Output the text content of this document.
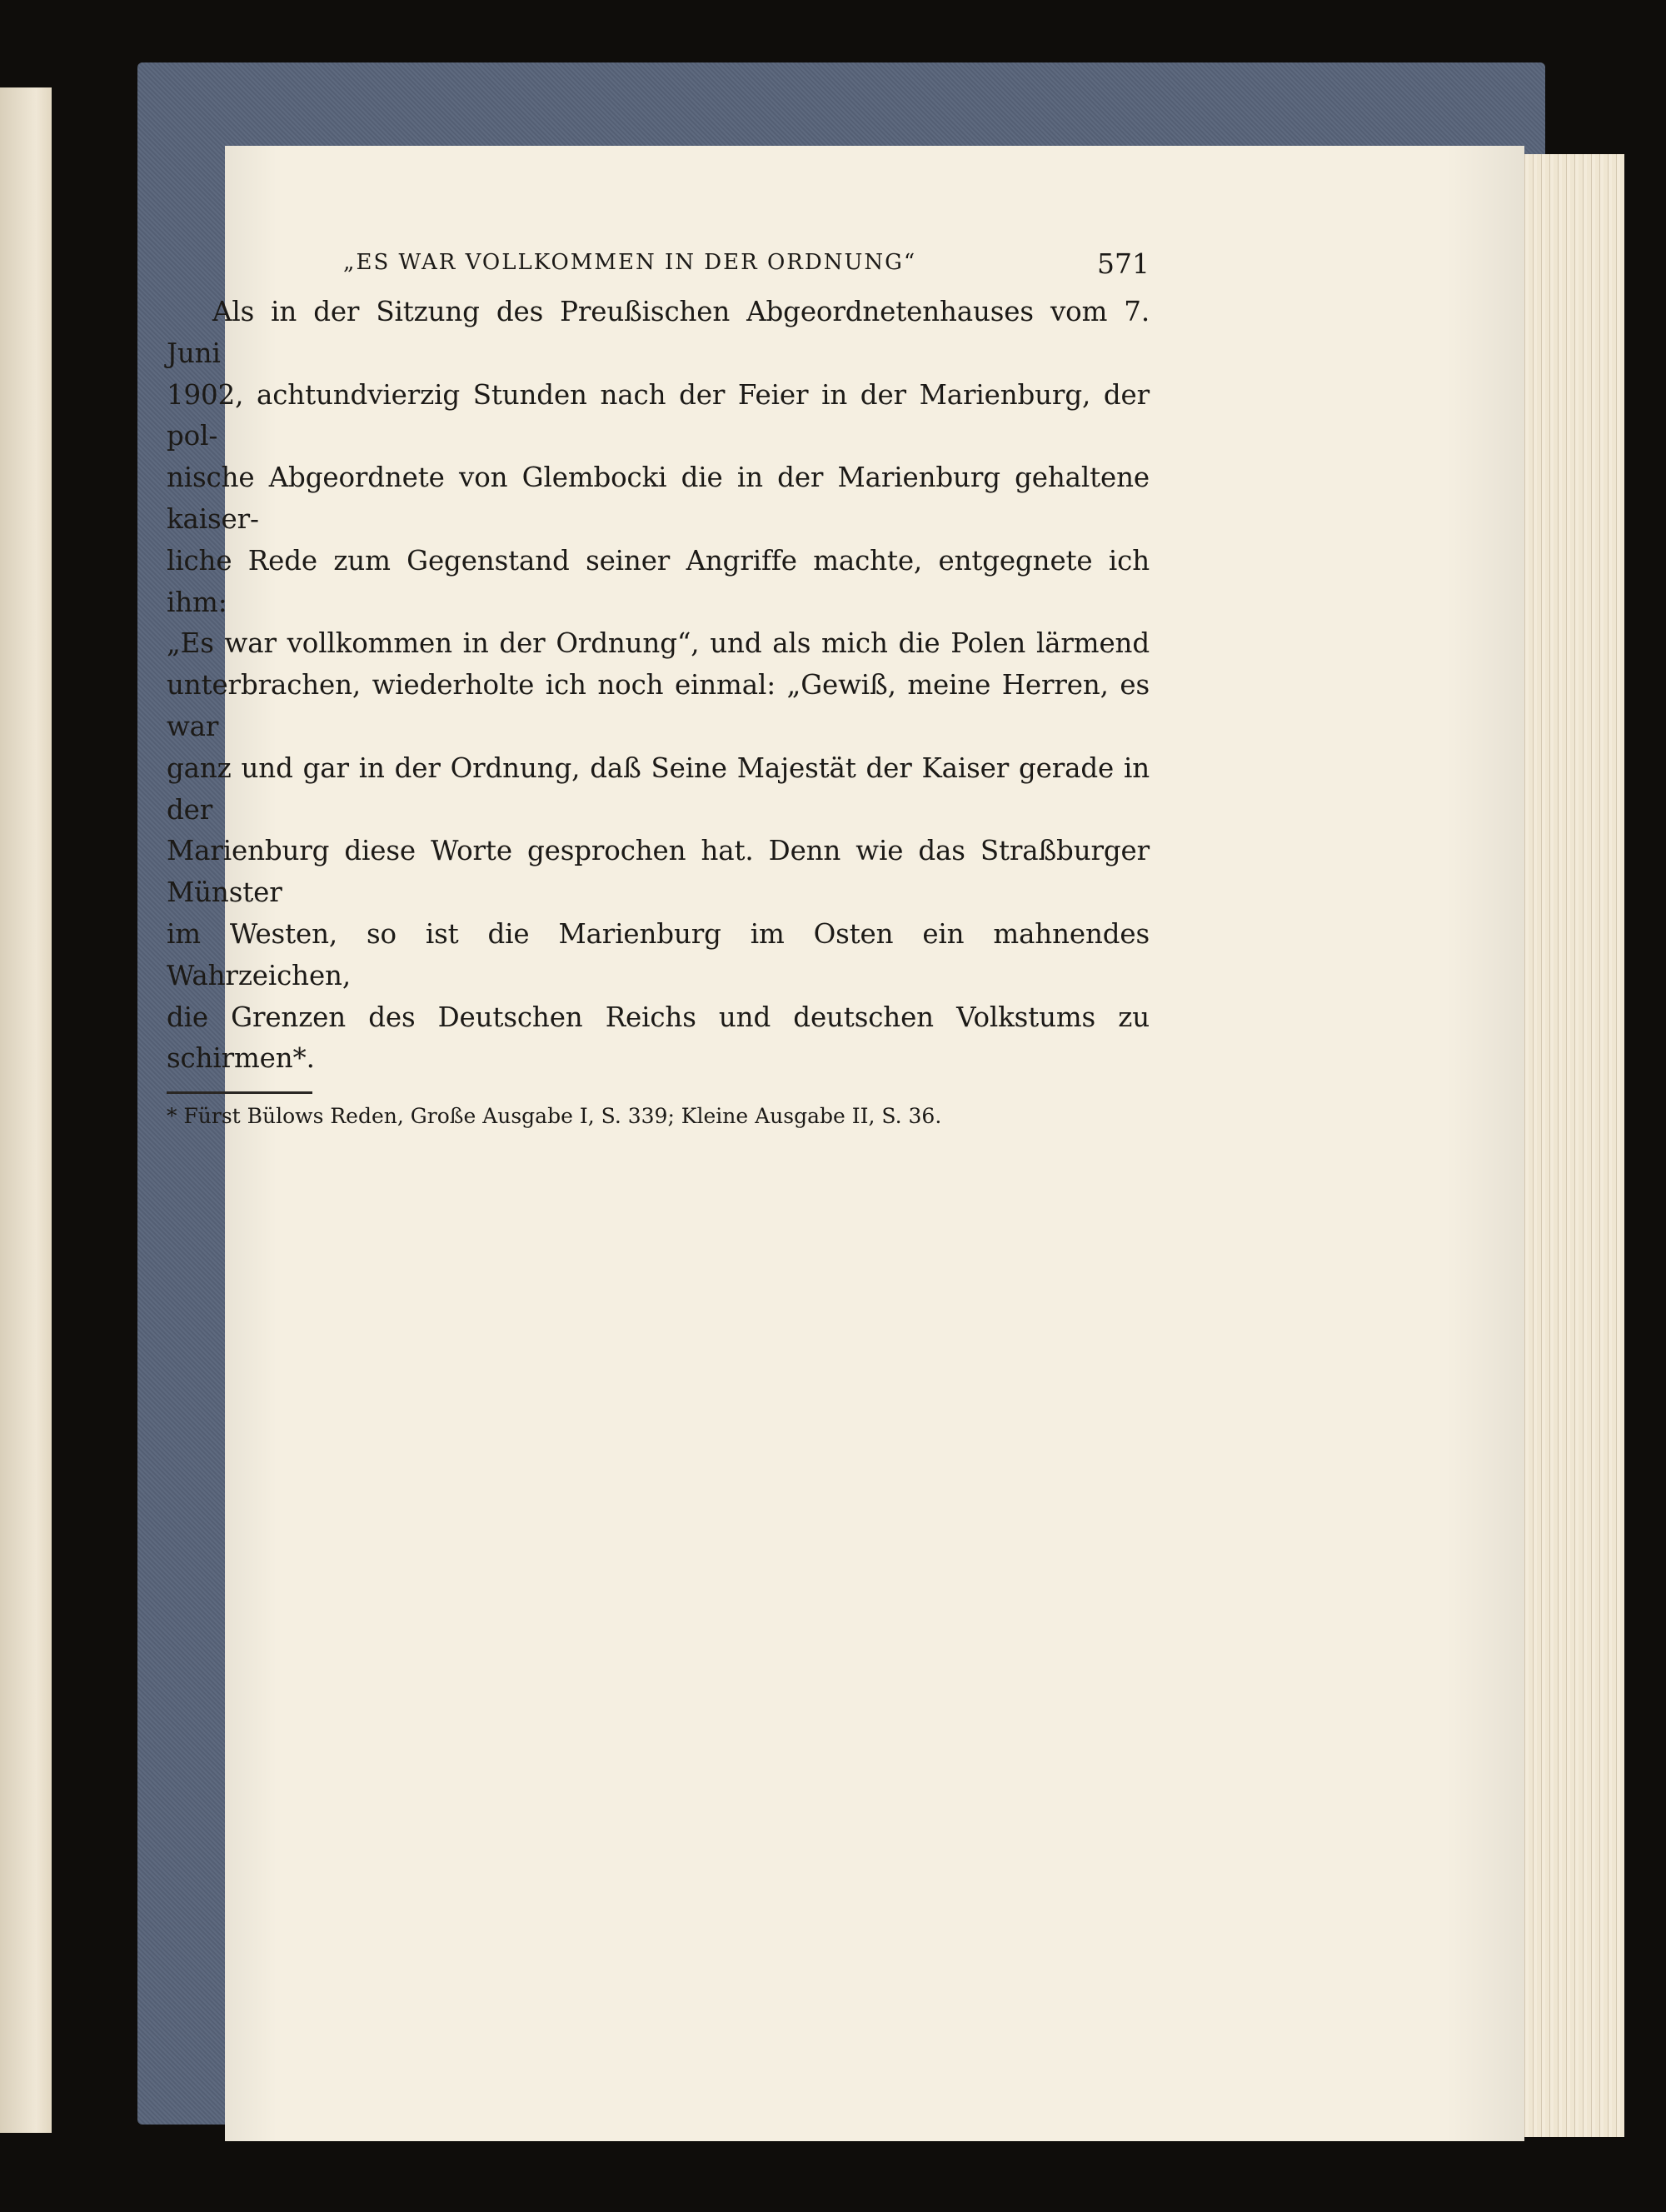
„ES WAR VOLLKOMMEN IN DER ORDNUNG“	571

Als in der Sitzung des Preußischen Abgeordnetenhauses vom 7. Juni
1902, achtundvierzig Stunden nach der Feier in der Marienburg, der pol-
nische Abgeordnete von Glembocki die in der Marienburg gehaltene kaiser-
liche Rede zum Gegenstand seiner Angriffe machte, entgegnete ich ihm:
„Es war vollkommen in der Ordnung“, und als mich die Polen lärmend
unterbrachen, wiederholte ich noch einmal: „Gewiß, meine Herren, es war
ganz und gar in der Ordnung, daß Seine Majestät der Kaiser gerade in der
Marienburg diese Worte gesprochen hat. Denn wie das Straßburger Münster
im Westen, so ist die Marienburg im Osten ein mahnendes Wahrzeichen,
die Grenzen des Deutschen Reichs und deutschen Volkstums zu schirmen*.

* Fürst Bülows Reden, Große Ausgabe I, S. 339; Kleine Ausgabe II, S. 36.
